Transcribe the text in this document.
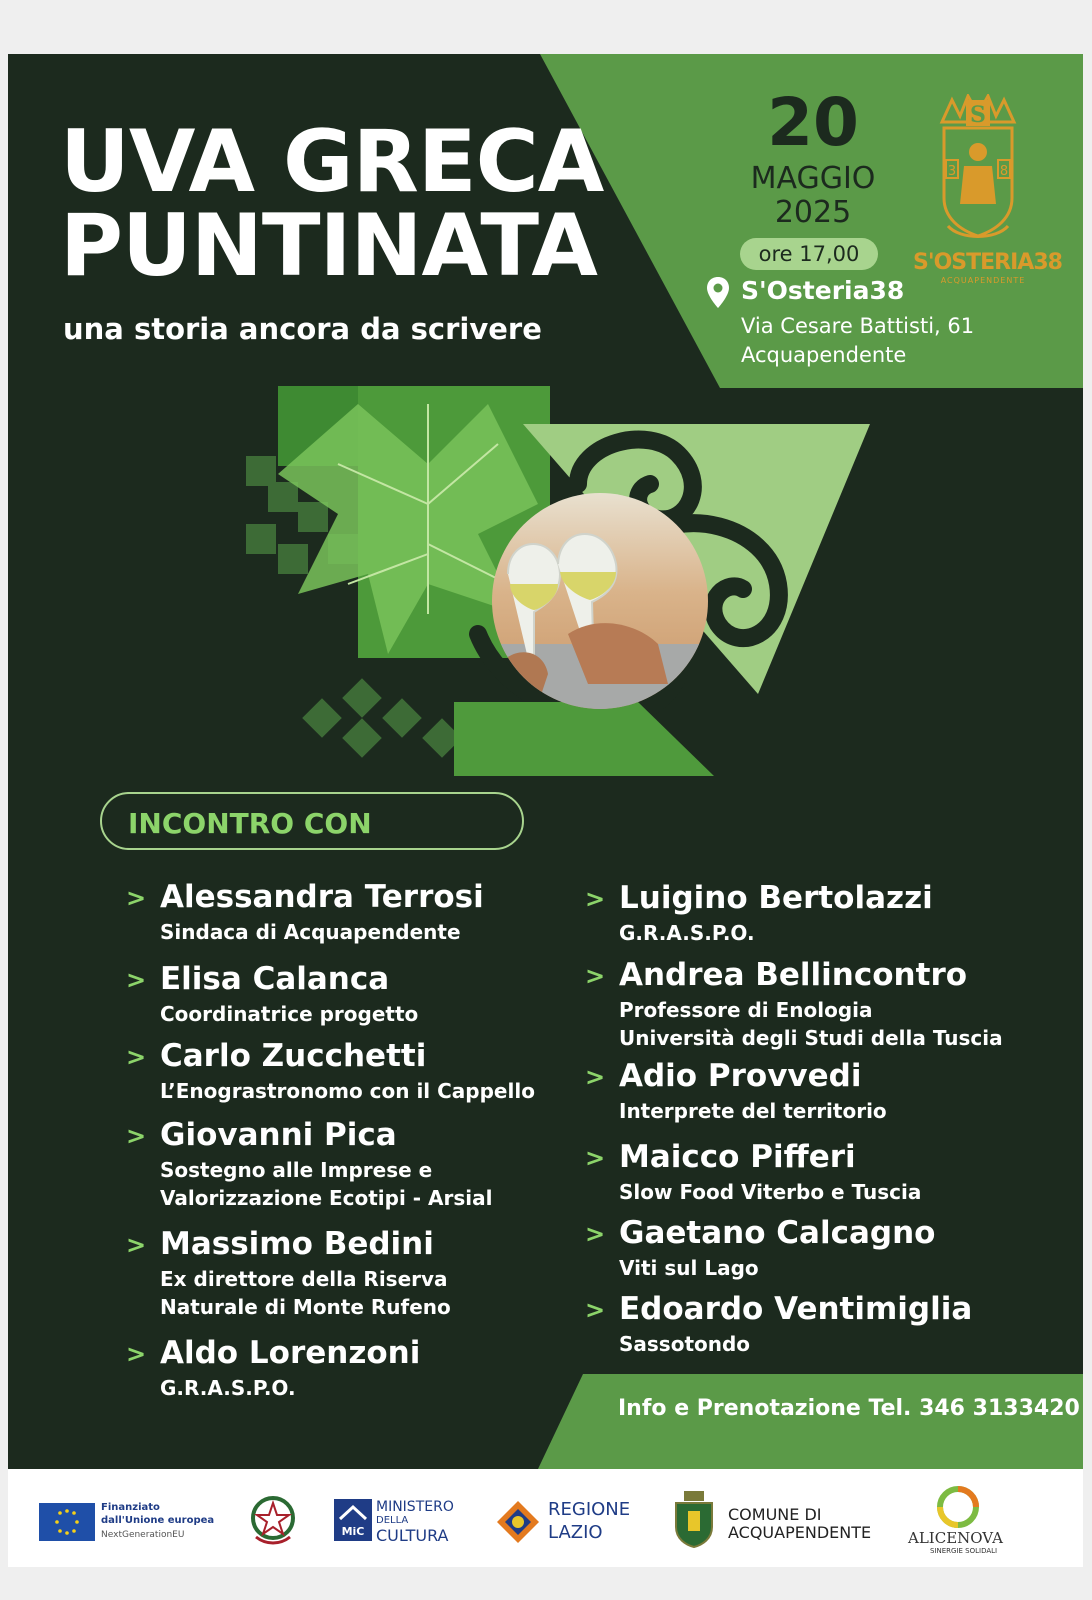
UVA GRECA
PUNTINATA
una storia ancora da scrivere
20
MAGGIO
2025
ore 17,00
S'Osteria38
Via Cesare Battisti, 61
Acquapendente
S
3	8
S'OSTERIA38
ACQUAPENDENTE
INCONTRO CON
> Alessandra Terrosi
Sindaca di Acquapendente
> Elisa Calanca
Coordinatrice progetto
> Carlo Zucchetti
L’Enograstronomo con il Cappello
> Giovanni Pica
Sostegno alle Imprese e
Valorizzazione Ecotipi - Arsial
> Massimo Bedini
Ex direttore della Riserva
Naturale di Monte Rufeno
> Aldo Lorenzoni
G.R.A.S.P.O.
> Luigino Bertolazzi
G.R.A.S.P.O.
> Andrea Bellincontro
Professore di Enologia
Università degli Studi della Tuscia
> Adio Provvedi
Interprete del territorio
> Maicco Pifferi
Slow Food Viterbo e Tuscia
> Gaetano Calcagno
Viti sul Lago
> Edoardo Ventimiglia
Sassotondo
Info e Prenotazione Tel. 346 3133420
Finanziato
dall'Unione europea
NextGenerationEU	MiC
MINISTERO
DELLA
CULTURA
REGIONE
LAZIO
COMUNE DI
ACQUAPENDENTE ALICENOVA
SINERGIE SOLIDALI
